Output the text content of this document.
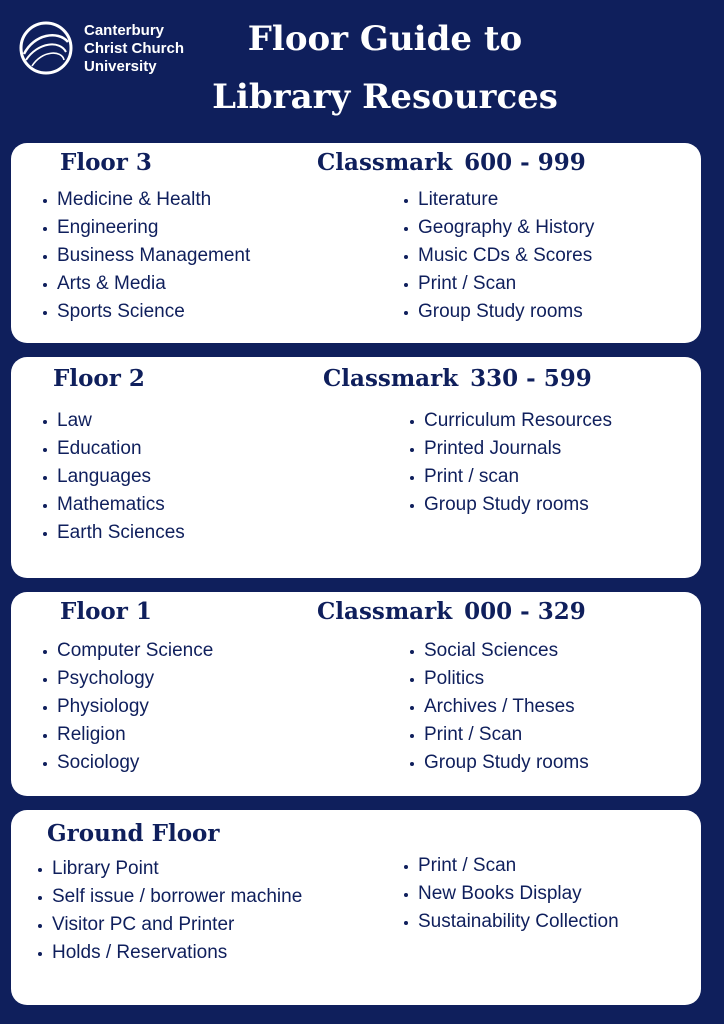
Canterbury
Christ Church
University
Floor Guide to
Library Resources
Floor 3	Classmark 600 - 999
Medicine & Health
Engineering
Business Management
Arts & Media
Sports Science
Literature
Geography & History
Music CDs & Scores
Print / Scan
Group Study rooms
Floor 2	Classmark 330 - 599
Law
Education
Languages
Mathematics
Earth Sciences
Curriculum Resources
Printed Journals
Print / scan
Group Study rooms
Floor 1	Classmark 000 - 329
Computer Science
Psychology
Physiology
Religion
Sociology
Social Sciences
Politics
Archives / Theses
Print / Scan
Group Study rooms
Ground Floor
Library Point
Self issue / borrower machine
Visitor PC and Printer
Holds / Reservations
Print / Scan
New Books Display
Sustainability Collection
